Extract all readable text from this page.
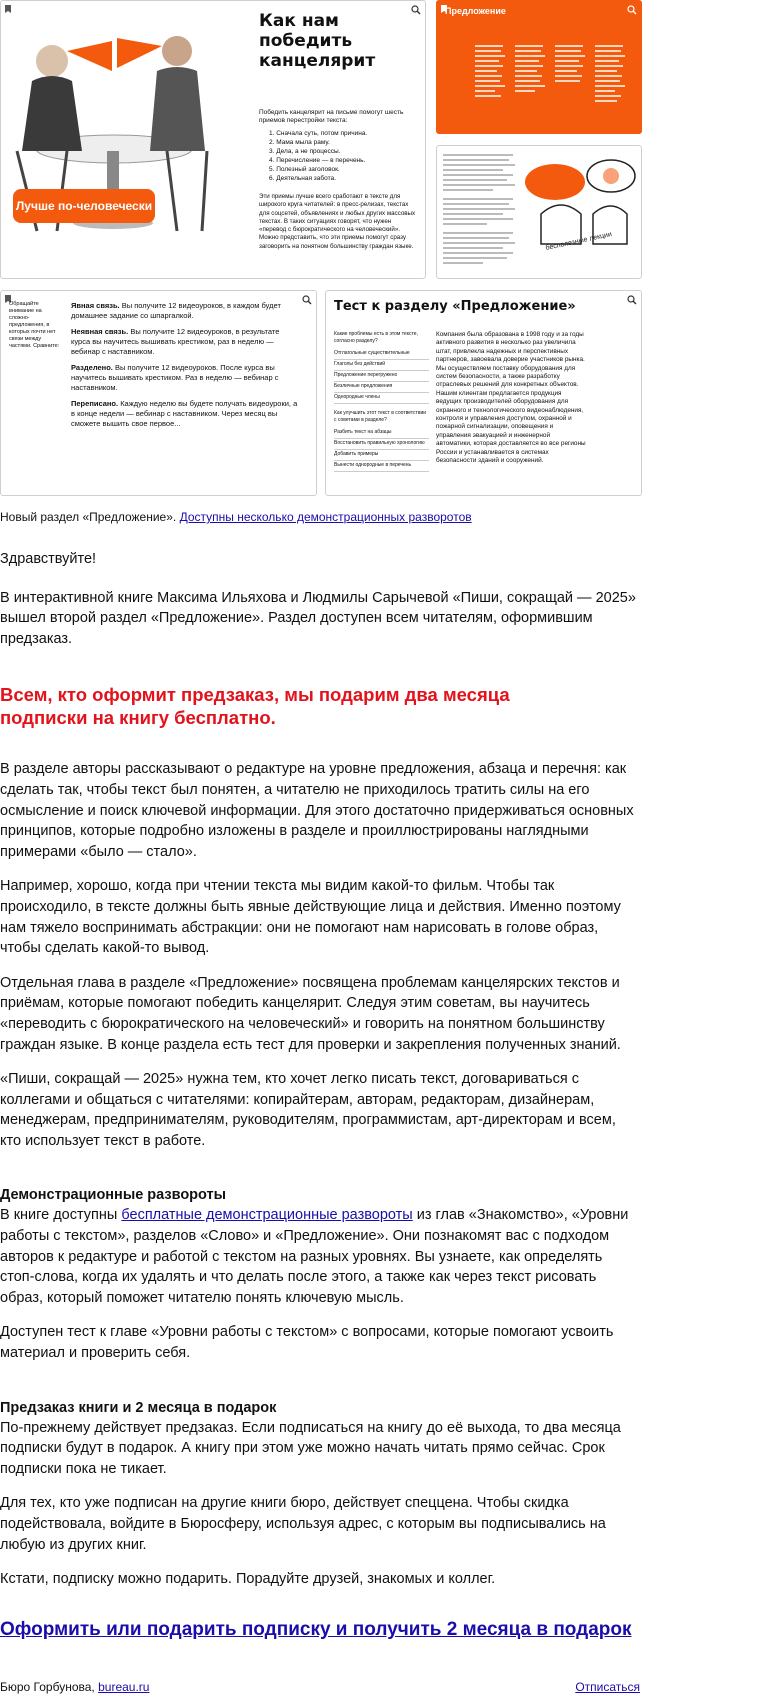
Лучше по-человечески
Как нам победить канцелярит
Победить канцелярит на письме помогут шесть приемов перестройки текста:
1. Сначала суть, потом причина.
2. Мама мыла раму.
3. Дела, а не процессы.
4. Перечисление — в перечень.
5. Полезный заголовок.
6. Деятельная забота.
Эти приемы лучше всего сработают в тексте для широкого круга читателей: в пресс-релизах, текстах для соцсетей, объявлениях и любых других массовых текстах. В таких ситуациях говорят, что нужен «перевод с бюрократического на человеческий». Можно представить, что эти приемы помогут сразу заговорить на понятном большинству граждан языке.
Предложение
бесполезные лекции
Обращайте внимание на сложно-предложения, в которых почти нет связи между частями. Сравните:
Явная связь. Вы получите 12 видеоуроков, в каждом будет домашнее задание со шпаргалкой.
Неявная связь. Вы получите 12 видеоуроков, в результате курса вы научитесь вышивать крестиком, раз в неделю — вебинар с наставником.
Разделено. Вы получите 12 видеоуроков. После курса вы научитесь вышивать крестиком. Раз в неделю — вебинар с наставником.
Переписано. Каждую неделю вы будете получать видеоуроки, а в конце недели — вебинар с наставником. Через месяц вы сможете вышить свое первое...
Тест к разделу «Предложение»
Какие проблемы есть в этом тексте, согласно разделу?
Отглагольные существительные
Глаголы без действий
Предложение перегружено
Безличные предложения
Однородные члены
Как улучшить этот текст в соответствии с советами в разделе?
Разбить текст на абзацы
Восстановить правильную хронологию
Добавить примеры
Вынести однородные в перечень
Компания была образована в 1998 году и за годы активного развития в несколько раз увеличила штат, привлекла надежных и перспективных партнеров, завоевала доверие участников рынка. Мы осуществляем поставку оборудования для систем безопасности, а также разработку отраслевых решений для конкретных объектов. Нашим клиентам предлагается продукция ведущих производителей оборудования для охранного и технологического видеонаблюдения, контроля и управления доступом, охранной и пожарной сигнализации, оповещения и управления эвакуацией и инженерной автоматики, которая доставляется во все регионы России и устанавливается в системах безопасности зданий и сооружений.
Новый раздел «Предложение». Доступны несколько демонстрационных разворотов

Здравствуйте!

В интерактивной книге Максима Ильяхова и Людмилы Сарычевой «Пиши, сокращай — 2025» вышел второй раздел «Предложение». Раздел доступен всем читателям, оформившим предзаказ.

Всем, кто оформит предзаказ, мы подарим два месяца подписки на книгу бесплатно.

В разделе авторы рассказывают о редактуре на уровне предложения, абзаца и перечня: как сделать так, чтобы текст был понятен, а читателю не приходилось тратить силы на его осмысление и поиск ключевой информации. Для этого достаточно придерживаться основных принципов, которые подробно изложены в разделе и проиллюстрированы наглядными примерами «было — стало».

Например, хорошо, когда при чтении текста мы видим какой-то фильм. Чтобы так происходило, в тексте должны быть явные действующие лица и действия. Именно поэтому нам тяжело воспринимать абстракции: они не помогают нам нарисовать в голове образ, чтобы сделать какой-то вывод.

Отдельная глава в разделе «Предложение» посвящена проблемам канцелярских текстов и приёмам, которые помогают победить канцелярит. Следуя этим советам, вы научитесь «переводить с бюрократического на человеческий» и говорить на понятном большинству граждан языке. В конце раздела есть тест для проверки и закрепления полученных знаний.

«Пиши, сокращай — 2025» нужна тем, кто хочет легко писать текст, договариваться с коллегами и общаться с читателями: копирайтерам, авторам, редакторам, дизайнерам, менеджерам, предпринимателям, руководителям, программистам, арт-директорам и всем, кто использует текст в работе.

Демонстрационные развороты

В книге доступны бесплатные демонстрационные развороты из глав «Знакомство», «Уровни работы с текстом», разделов «Слово» и «Предложение». Они познакомят вас с подходом авторов к редактуре и работой с текстом на разных уровнях. Вы узнаете, как определять стоп-слова, когда их удалять и что делать после этого, а также как через текст рисовать образ, который поможет читателю понять ключевую мысль.

Доступен тест к главе «Уровни работы с текстом» с вопросами, которые помогают усвоить материал и проверить себя.

Предзаказ книги и 2 месяца в подарок

По-прежнему действует предзаказ. Если подписаться на книгу до её выхода, то два месяца подписки будут в подарок. А книгу при этом уже можно начать читать прямо сейчас. Срок подписки пока не тикает.

Для тех, кто уже подписан на другие книги бюро, действует спеццена. Чтобы скидка подействовала, войдите в Бюросферу, используя адрес, с которым вы подписывались на любую из других книг.

Кстати, подписку можно подарить. Порадуйте друзей, знакомых и коллег.

Оформить или подарить подписку и получить 2 месяца в подарок
Бюро Горбунова, bureau.ru	Отписаться
